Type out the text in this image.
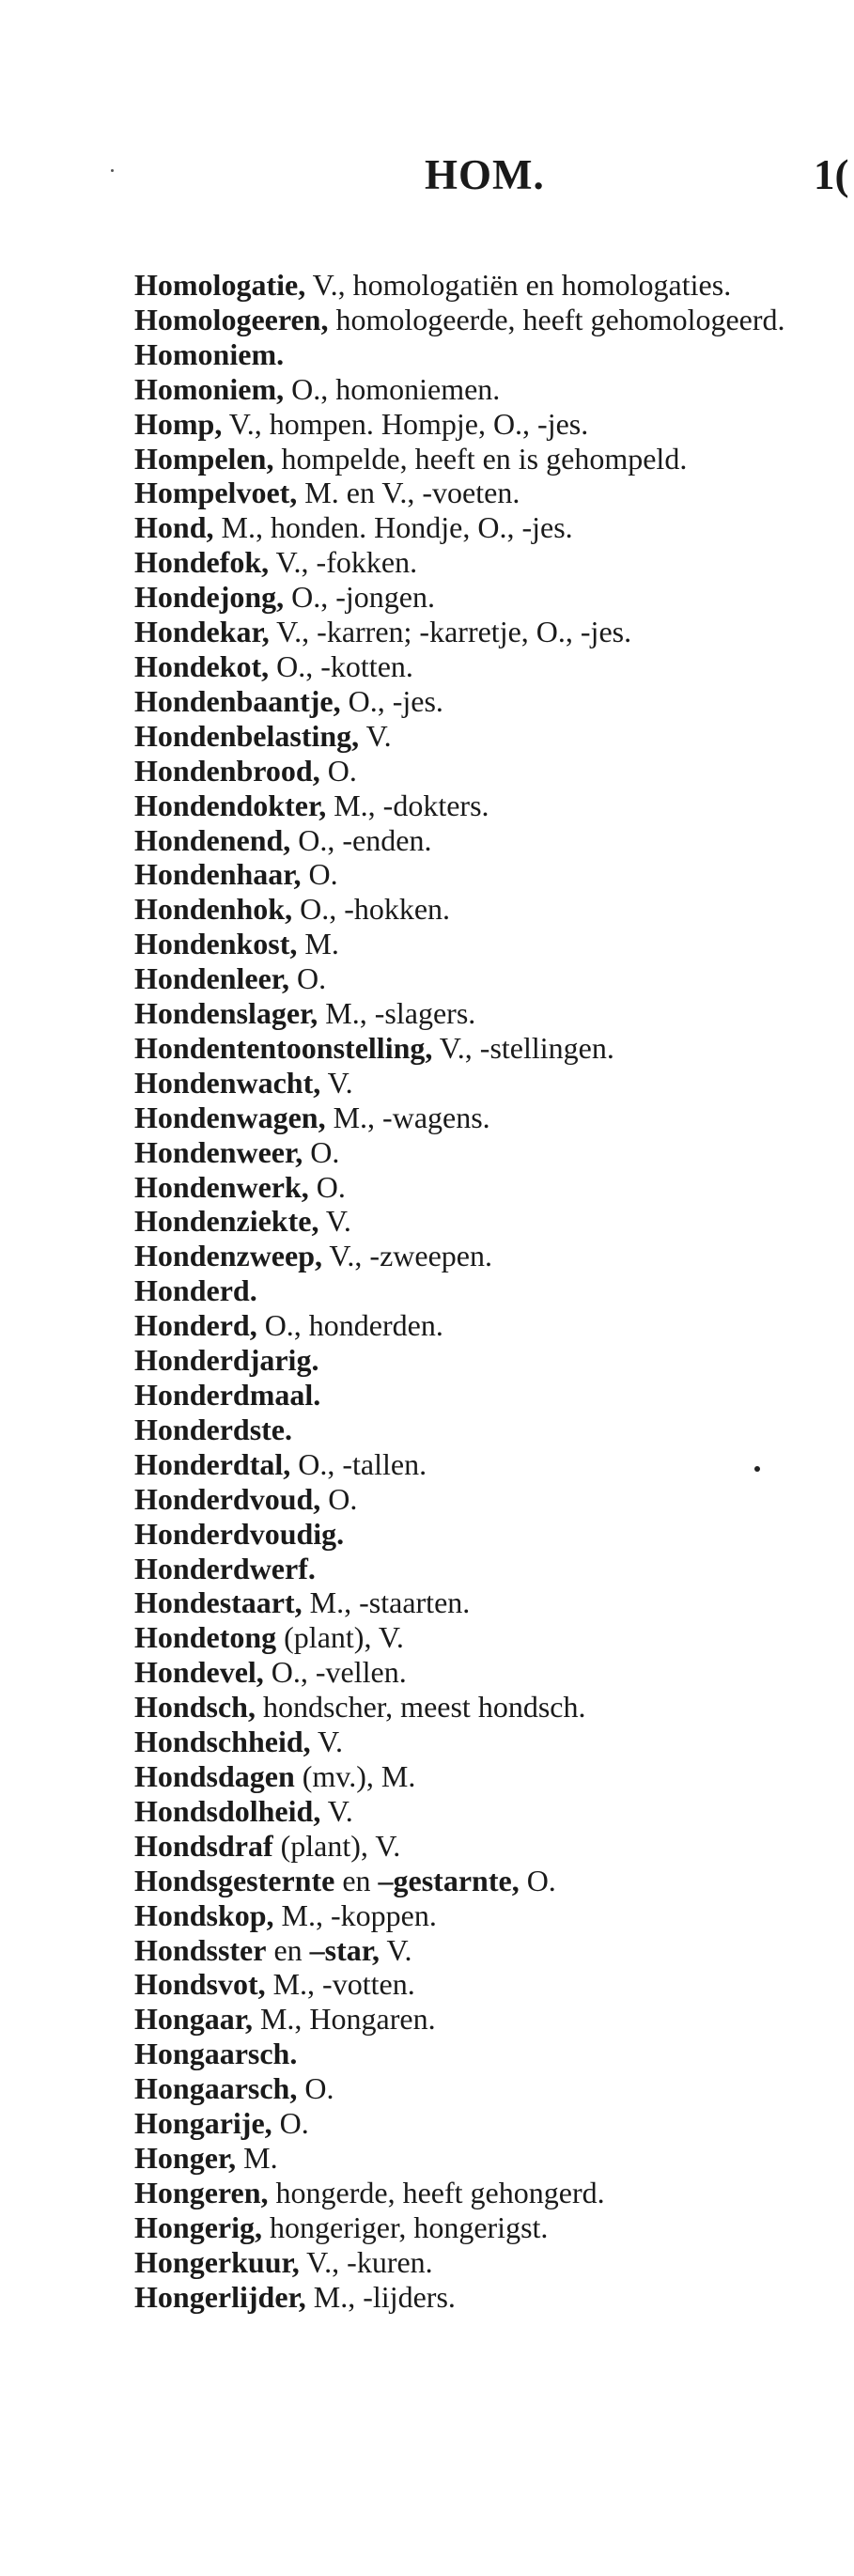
HOM.	1(
Homologatie, V., homologatiën en homologaties.
Homologeeren, homologeerde, heeft gehomologeerd.
Homoniem.
Homoniem, O., homoniemen.
Homp, V., hompen. Hompje, O., -jes.
Hompelen, hompelde, heeft en is gehompeld.
Hompelvoet, M. en V., -voeten.
Hond, M., honden. Hondje, O., -jes.
Hondefok, V., -fokken.
Hondejong, O., -jongen.
Hondekar, V., -karren; -karretje, O., -jes.
Hondekot, O., -kotten.
Hondenbaantje, O., -jes.
Hondenbelasting, V.
Hondenbrood, O.
Hondendokter, M., -dokters.
Hondenend, O., -enden.
Hondenhaar, O.
Hondenhok, O., -hokken.
Hondenkost, M.
Hondenleer, O.
Hondenslager, M., -slagers.
Hondententoonstelling, V., -stellingen.
Hondenwacht, V.
Hondenwagen, M., -wagens.
Hondenweer, O.
Hondenwerk, O.
Hondenziekte, V.
Hondenzweep, V., -zweepen.
Honderd.
Honderd, O., honderden.
Honderdjarig.
Honderdmaal.
Honderdste.
Honderdtal, O., -tallen.
Honderdvoud, O.
Honderdvoudig.
Honderdwerf.
Hondestaart, M., -staarten.
Hondetong (plant), V.
Hondevel, O., -vellen.
Hondsch, hondscher, meest hondsch.
Hondschheid, V.
Hondsdagen (mv.), M.
Hondsdolheid, V.
Hondsdraf (plant), V.
Hondsgesternte en –gestarnte, O.
Hondskop, M., -koppen.
Hondsster en –star, V.
Hondsvot, M., -votten.
Hongaar, M., Hongaren.
Hongaarsch.
Hongaarsch, O.
Hongarije, O.
Honger, M.
Hongeren, hongerde, heeft gehongerd.
Hongerig, hongeriger, hongerigst.
Hongerkuur, V., -kuren.
Hongerlijder, M., -lijders.
